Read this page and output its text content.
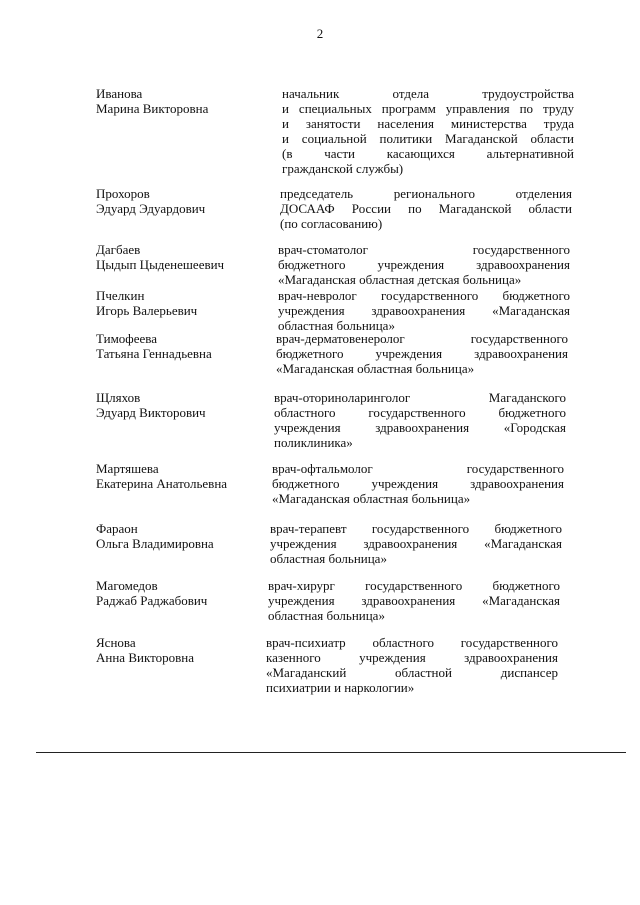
2
Иванова
Марина Викторовна
начальник отдела трудоустройства
и специальных программ управления по труду
и занятости населения министерства труда
и социальной политики Магаданской области
(в части касающихся альтернативной
гражданской службы)
Прохоров
Эдуард Эдуардович
председатель регионального отделения
ДОСААФ России по Магаданской области
(по согласованию)
Дагбаев
Цыдып Цыденешеевич
врач-стоматолог государственного
бюджетного учреждения здравоохранения
«Магаданская областная детская больница»
Пчелкин
Игорь Валерьевич
врач-невролог государственного бюджетного
учреждения здравоохранения «Магаданская
областная больница»
Тимофеева
Татьяна Геннадьевна
врач-дерматовенеролог государственного
бюджетного учреждения здравоохранения
«Магаданская областная больница»
Щляхов
Эдуард Викторович
врач-оториноларинголог Магаданского
областного государственного бюджетного
учреждения здравоохранения «Городская
поликлиника»
Мартяшева
Екатерина Анатольевна
врач-офтальмолог государственного
бюджетного учреждения здравоохранения
«Магаданская областная больница»
Фараон
Ольга Владимировна
врач-терапевт государственного бюджетного
учреждения здравоохранения «Магаданская
областная больница»
Магомедов
Раджаб Раджабович
врач-хирург государственного бюджетного
учреждения здравоохранения «Магаданская
областная больница»
Яснова
Анна Викторовна
врач-психиатр областного государственного
казенного учреждения здравоохранения
«Магаданский областной диспансер
психиатрии и наркологии»
